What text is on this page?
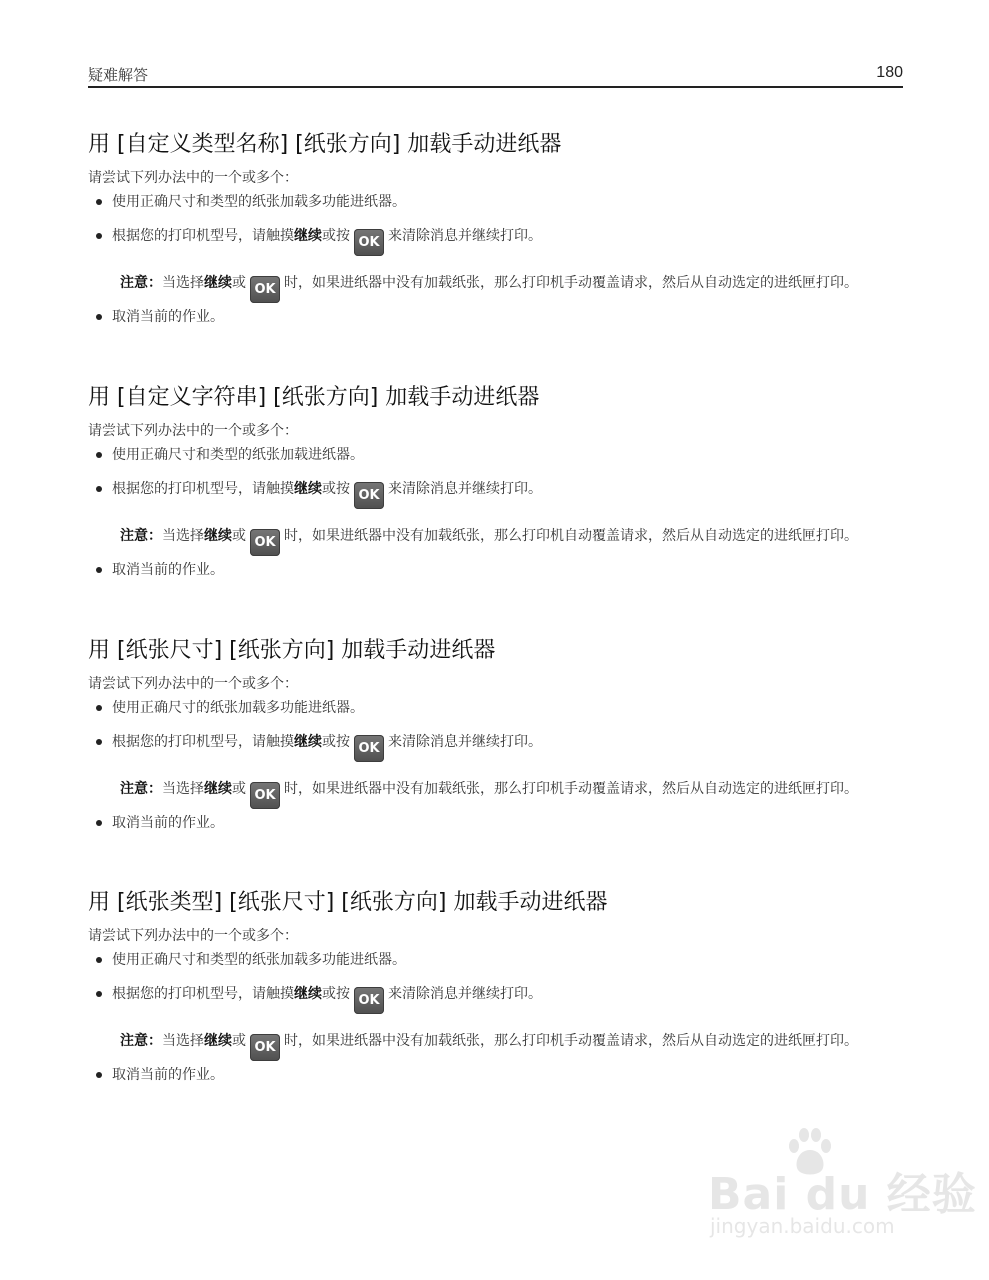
疑难解答	180
用 [自定义类型名称] [纸张方向] 加载手动进纸器
请尝试下列办法中的一个或多个：
使用正确尺寸和类型的纸张加载多功能进纸器。
根据您的打印机型号，请触摸继续或按 OK 来清除消息并继续打印。
注意：当选择继续或 OK 时，如果进纸器中没有加载纸张，那么打印机手动覆盖请求，然后从自动选定的进纸匣打印。
取消当前的作业。
用 [自定义字符串] [纸张方向] 加载手动进纸器
请尝试下列办法中的一个或多个：
使用正确尺寸和类型的纸张加载进纸器。
根据您的打印机型号，请触摸继续或按 OK 来清除消息并继续打印。
注意：当选择继续或 OK 时，如果进纸器中没有加载纸张，那么打印机自动覆盖请求，然后从自动选定的进纸匣打印。
取消当前的作业。
用 [纸张尺寸] [纸张方向] 加载手动进纸器
请尝试下列办法中的一个或多个：
使用正确尺寸的纸张加载多功能进纸器。
根据您的打印机型号，请触摸继续或按 OK 来清除消息并继续打印。
注意：当选择继续或 OK 时，如果进纸器中没有加载纸张，那么打印机手动覆盖请求，然后从自动选定的进纸匣打印。
取消当前的作业。
用 [纸张类型] [纸张尺寸] [纸张方向] 加载手动进纸器
请尝试下列办法中的一个或多个：
使用正确尺寸和类型的纸张加载多功能进纸器。
根据您的打印机型号，请触摸继续或按 OK 来清除消息并继续打印。
注意：当选择继续或 OK 时，如果进纸器中没有加载纸张，那么打印机手动覆盖请求，然后从自动选定的进纸匣打印。
取消当前的作业。
Bai du 经验
jingyan.baidu.com
